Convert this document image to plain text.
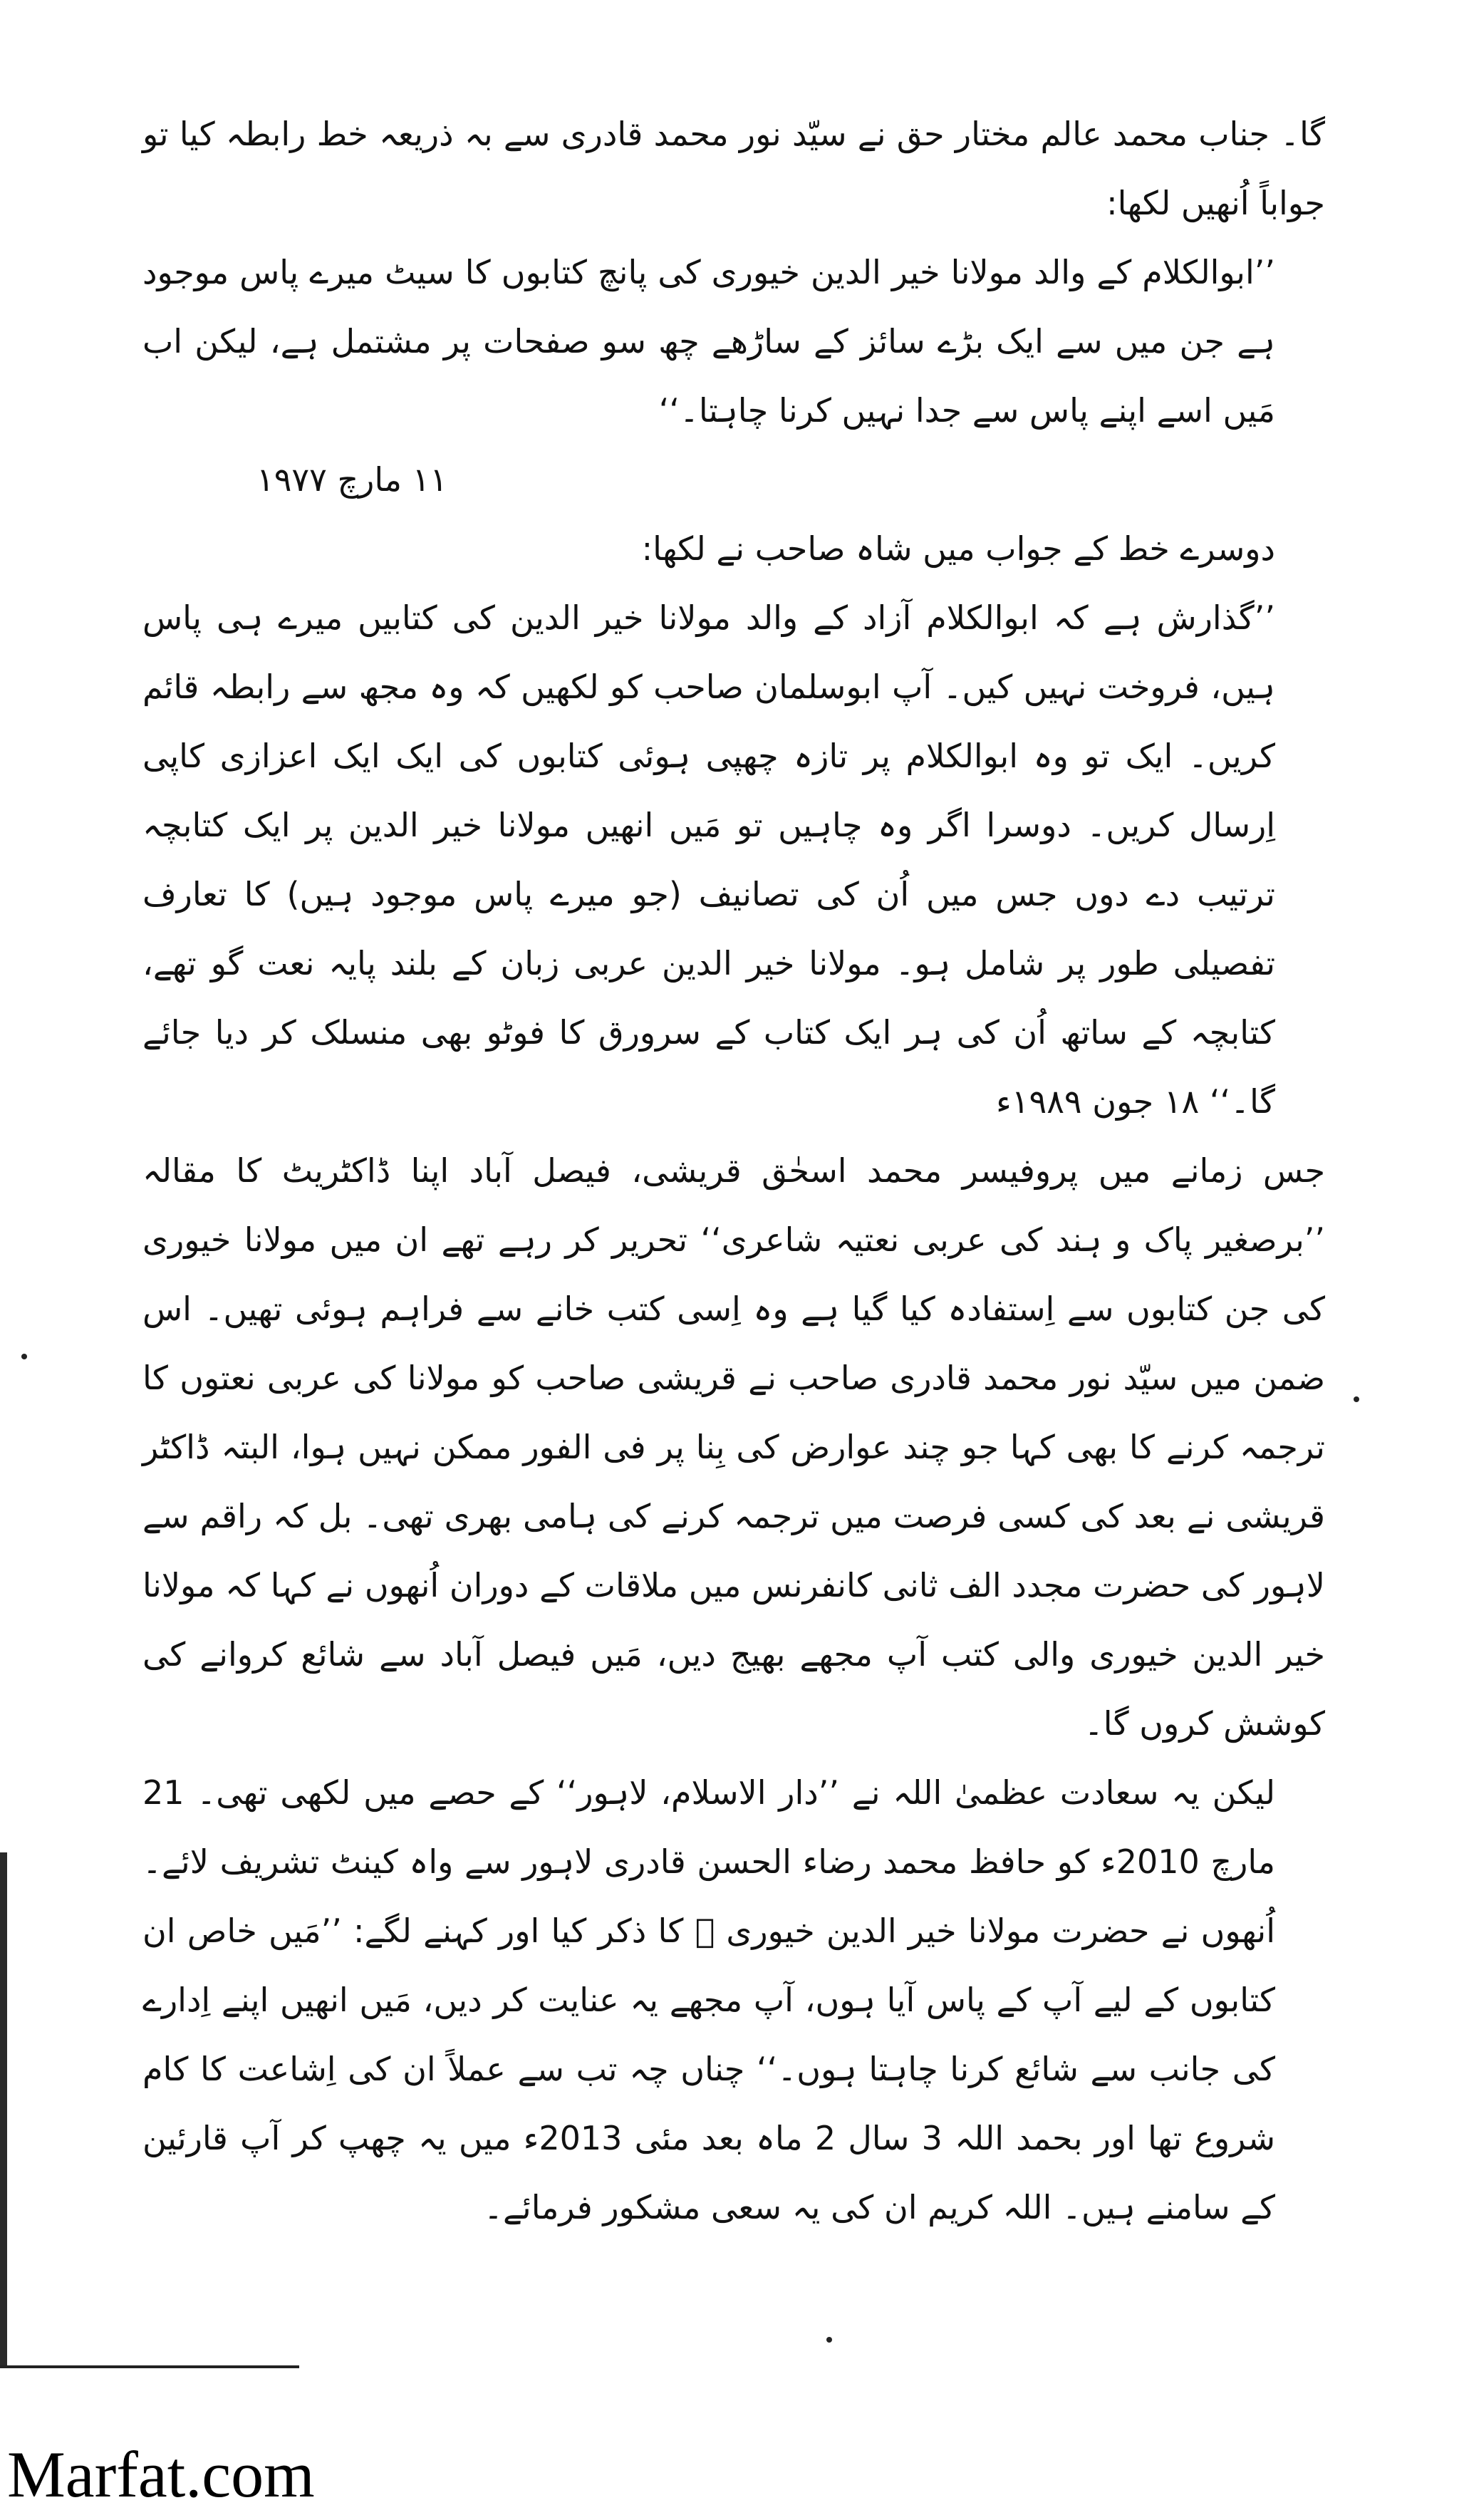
گا۔ جناب محمد عالم مختار حق نے سیّد نور محمد قادری سے بہ ذریعہ خط رابطہ کیا تو جواباً اُنھیں لکھا:

’’ابوالکلام کے والد مولانا خیر الدین خیوری کی پانچ کتابوں کا سیٹ میرے پاس موجود ہے جن میں سے ایک بڑے سائز کے ساڑھے چھ سو صفحات پر مشتمل ہے، لیکن اب مَیں اسے اپنے پاس سے جدا نہیں کرنا چاہتا۔‘‘

۱۱ مارچ ۱۹۷۷

دوسرے خط کے جواب میں شاہ صاحب نے لکھا:

’’گذارش ہے کہ ابوالکلام آزاد کے والد مولانا خیر الدین کی کتابیں میرے ہی پاس ہیں، فروخت نہیں کیں۔ آپ ابوسلمان صاحب کو لکھیں کہ وہ مجھ سے رابطہ قائم کریں۔ ایک تو وہ ابوالکلام پر تازہ چھپی ہوئی کتابوں کی ایک ایک اعزازی کاپی اِرسال کریں۔ دوسرا اگر وہ چاہیں تو مَیں انھیں مولانا خیر الدین پر ایک کتابچہ ترتیب دے دوں جس میں اُن کی تصانیف (جو میرے پاس موجود ہیں) کا تعارف تفصیلی طور پر شامل ہو۔ مولانا خیر الدین عربی زبان کے بلند پایہ نعت گو تھے، کتابچہ کے ساتھ اُن کی ہر ایک کتاب کے سرورق کا فوٹو بھی منسلک کر دیا جائے گا۔‘‘ ۱۸ جون ۱۹۸۹ء

جس زمانے میں پروفیسر محمد اسحٰق قریشی، فیصل آباد اپنا ڈاکٹریٹ کا مقالہ ’’برصغیر پاک و ہند کی عربی نعتیہ شاعری‘‘ تحریر کر رہے تھے ان میں مولانا خیوری کی جن کتابوں سے اِستفادہ کیا گیا ہے وہ اِسی کتب خانے سے فراہم ہوئی تھیں۔ اس ضمن میں سیّد نور محمد قادری صاحب نے قریشی صاحب کو مولانا کی عربی نعتوں کا ترجمہ کرنے کا بھی کہا جو چند عوارض کی بِنا پر فی الفور ممکن نہیں ہوا، البتہ ڈاکٹر قریشی نے بعد کی کسی فرصت میں ترجمہ کرنے کی ہامی بھری تھی۔ بل کہ راقم سے لاہور کی حضرت مجدد الف ثانی کانفرنس میں ملاقات کے دوران اُنھوں نے کہا کہ مولانا خیر الدین خیوری والی کتب آپ مجھے بھیج دیں، مَیں فیصل آباد سے شائع کروانے کی کوشش کروں گا۔

لیکن یہ سعادت عظمیٰ اللہ نے ’’دار الاسلام، لاہور‘‘ کے حصے میں لکھی تھی۔ 21 مارچ 2010ء کو حافظ محمد رضاء الحسن قادری لاہور سے واہ کینٹ تشریف لائے۔ اُنھوں نے حضرت مولانا خیر الدین خیوری ﷫ کا ذکر کیا اور کہنے لگے: ’’مَیں خاص ان کتابوں کے لیے آپ کے پاس آیا ہوں، آپ مجھے یہ عنایت کر دیں، مَیں انھیں اپنے اِدارے کی جانب سے شائع کرنا چاہتا ہوں۔‘‘ چناں چہ تب سے عملاً ان کی اِشاعت کا کام شروع تھا اور بحمد اللہ 3 سال 2 ماہ بعد مئی 2013ء میں یہ چھپ کر آپ قارئین کے سامنے ہیں۔ اللہ کریم ان کی یہ سعی مشکور فرمائے۔

Marfat.com
